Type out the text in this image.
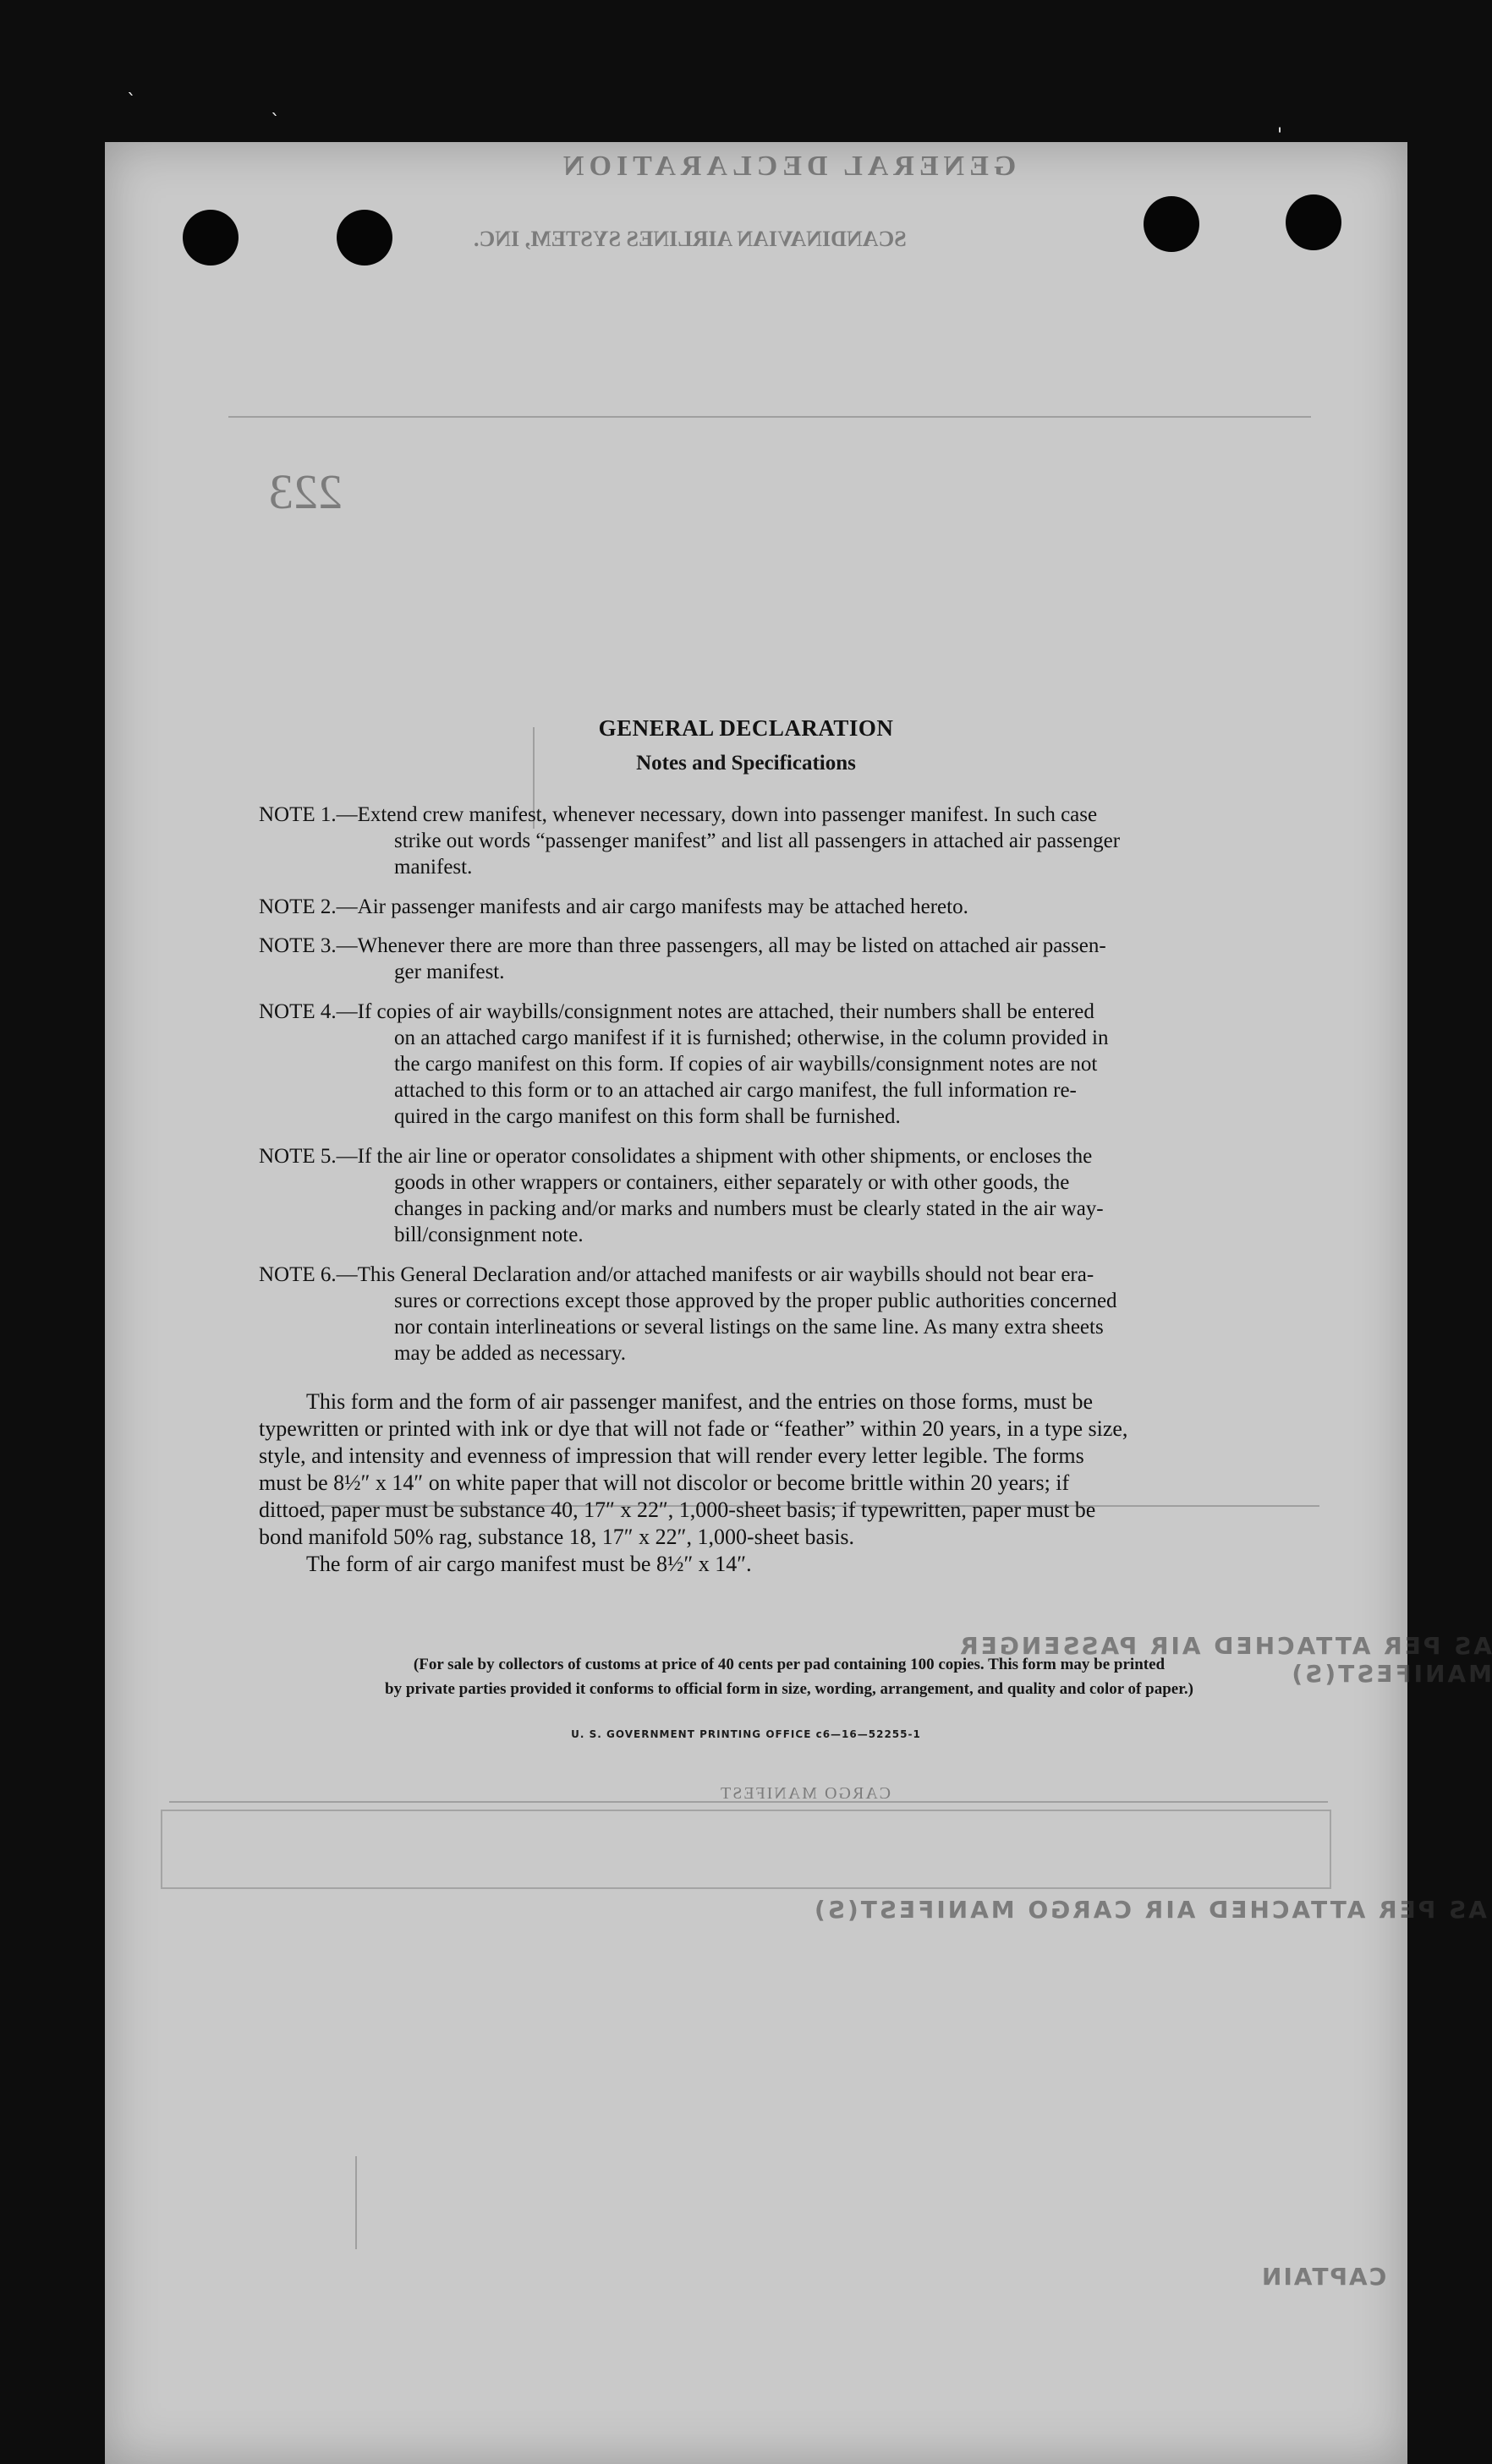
`
`
'
GENERAL DECLARATION
SCANDINAVIAN AIRLINES SYSTEM, INC.
223
AS PER ATTACHED AIR PASSENGER MANIFEST(S)
CARGO MANIFEST
AS PER ATTACHED AIR CARGO MANIFEST(S)
CAPTAIN
GENERAL DECLARATION
Notes and Specifications
NOTE 1.—Extend crew manifest, whenever necessary, down into passenger manifest. In such case
strike out words “passenger manifest” and list all passengers in attached air passenger
manifest.
NOTE 2.—Air passenger manifests and air cargo manifests may be attached hereto.
NOTE 3.—Whenever there are more than three passengers, all may be listed on attached air passen-
ger manifest.
NOTE 4.—If copies of air waybills/consignment notes are attached, their numbers shall be entered
on an attached cargo manifest if it is furnished; otherwise, in the column provided in
the cargo manifest on this form. If copies of air waybills/consignment notes are not
attached to this form or to an attached air cargo manifest, the full information re-
quired in the cargo manifest on this form shall be furnished.
NOTE 5.—If the air line or operator consolidates a shipment with other shipments, or encloses the
goods in other wrappers or containers, either separately or with other goods, the
changes in packing and/or marks and numbers must be clearly stated in the air way-
bill/consignment note.
NOTE 6.—This General Declaration and/or attached manifests or air waybills should not bear era-
sures or corrections except those approved by the proper public authorities concerned
nor contain interlineations or several listings on the same line. As many extra sheets
may be added as necessary.
This form and the form of air passenger manifest, and the entries on those forms, must be
typewritten or printed with ink or dye that will not fade or “feather” within 20 years, in a type size,
style, and intensity and evenness of impression that will render every letter legible. The forms
must be 8½″ x 14″ on white paper that will not discolor or become brittle within 20 years; if
dittoed, paper must be substance 40, 17″ x 22″, 1,000-sheet basis; if typewritten, paper must be
bond manifold 50% rag, substance 18, 17″ x 22″, 1,000-sheet basis.
The form of air cargo manifest must be 8½″ x 14″.
(For sale by collectors of customs at price of 40 cents per pad containing 100 copies. This form may be printed
by private parties provided it conforms to official form in size, wording, arrangement, and quality and color of paper.)
U. S. GOVERNMENT PRINTING OFFICE c6—16—52255-1
